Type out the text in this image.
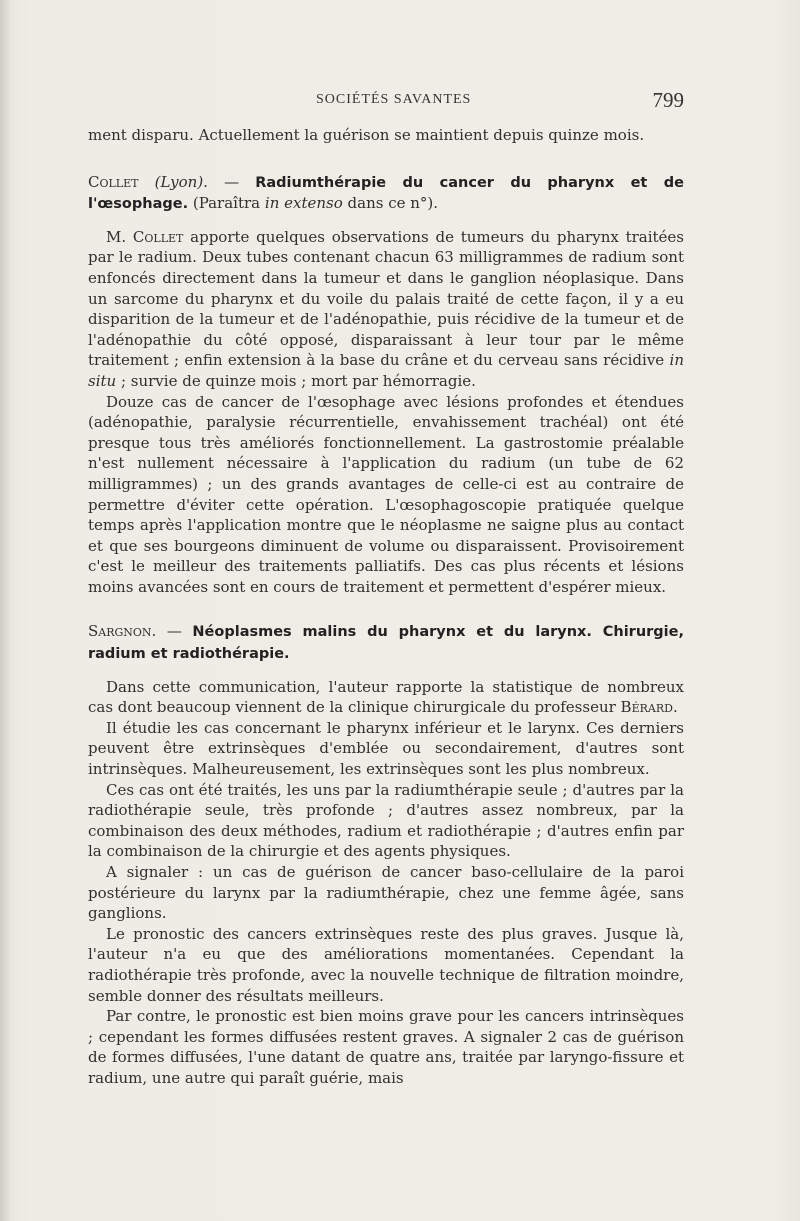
SOCIÉTÉS SAVANTES	799

ment disparu. Actuellement la guérison se maintient depuis quinze mois.

Collet (Lyon). — Radiumthérapie du cancer du pharynx et de l'œsophage. (Paraîtra in extenso dans ce n°).

M. Collet apporte quelques observations de tumeurs du pharynx traitées par le radium. Deux tubes contenant chacun 63 milligrammes de radium sont enfoncés directement dans la tumeur et dans le ganglion néoplasique. Dans un sarcome du pharynx et du voile du palais traité de cette façon, il y a eu disparition de la tumeur et de l'adénopathie, puis récidive de la tumeur et de l'adénopathie du côté opposé, disparaissant à leur tour par le même traitement ; enfin extension à la base du crâne et du cerveau sans récidive in situ ; survie de quinze mois ; mort par hémorragie.

Douze cas de cancer de l'œsophage avec lésions profondes et étendues (adénopathie, paralysie récurrentielle, envahissement trachéal) ont été presque tous très améliorés fonctionnellement. La gastrostomie préalable n'est nullement nécessaire à l'application du radium (un tube de 62 milligrammes) ; un des grands avantages de celle-ci est au contraire de permettre d'éviter cette opération. L'œsophagoscopie pratiquée quelque temps après l'application montre que le néoplasme ne saigne plus au contact et que ses bourgeons diminuent de volume ou disparaissent. Provisoirement c'est le meilleur des traitements palliatifs. Des cas plus récents et lésions moins avancées sont en cours de traitement et permettent d'espérer mieux.

Sargnon. — Néoplasmes malins du pharynx et du larynx. Chirurgie, radium et radiothérapie.

Dans cette communication, l'auteur rapporte la statistique de nombreux cas dont beaucoup viennent de la clinique chirurgicale du professeur Bérard.

Il étudie les cas concernant le pharynx inférieur et le larynx. Ces derniers peuvent être extrinsèques d'emblée ou secondairement, d'autres sont intrinsèques. Malheureusement, les extrinsèques sont les plus nombreux.

Ces cas ont été traités, les uns par la radiumthérapie seule ; d'autres par la radiothérapie seule, très profonde ; d'autres assez nombreux, par la combinaison des deux méthodes, radium et radiothérapie ; d'autres enfin par la combinaison de la chirurgie et des agents physiques.

A signaler : un cas de guérison de cancer baso-cellulaire de la paroi postérieure du larynx par la radiumthérapie, chez une femme âgée, sans ganglions.

Le pronostic des cancers extrinsèques reste des plus graves. Jusque là, l'auteur n'a eu que des améliorations momentanées. Cependant la radiothérapie très profonde, avec la nouvelle technique de filtration moindre, semble donner des résultats meilleurs.

Par contre, le pronostic est bien moins grave pour les cancers intrinsèques ; cependant les formes diffusées restent graves. A signaler 2 cas de guérison de formes diffusées, l'une datant de quatre ans, traitée par laryngo-fissure et radium, une autre qui paraît guérie, mais
